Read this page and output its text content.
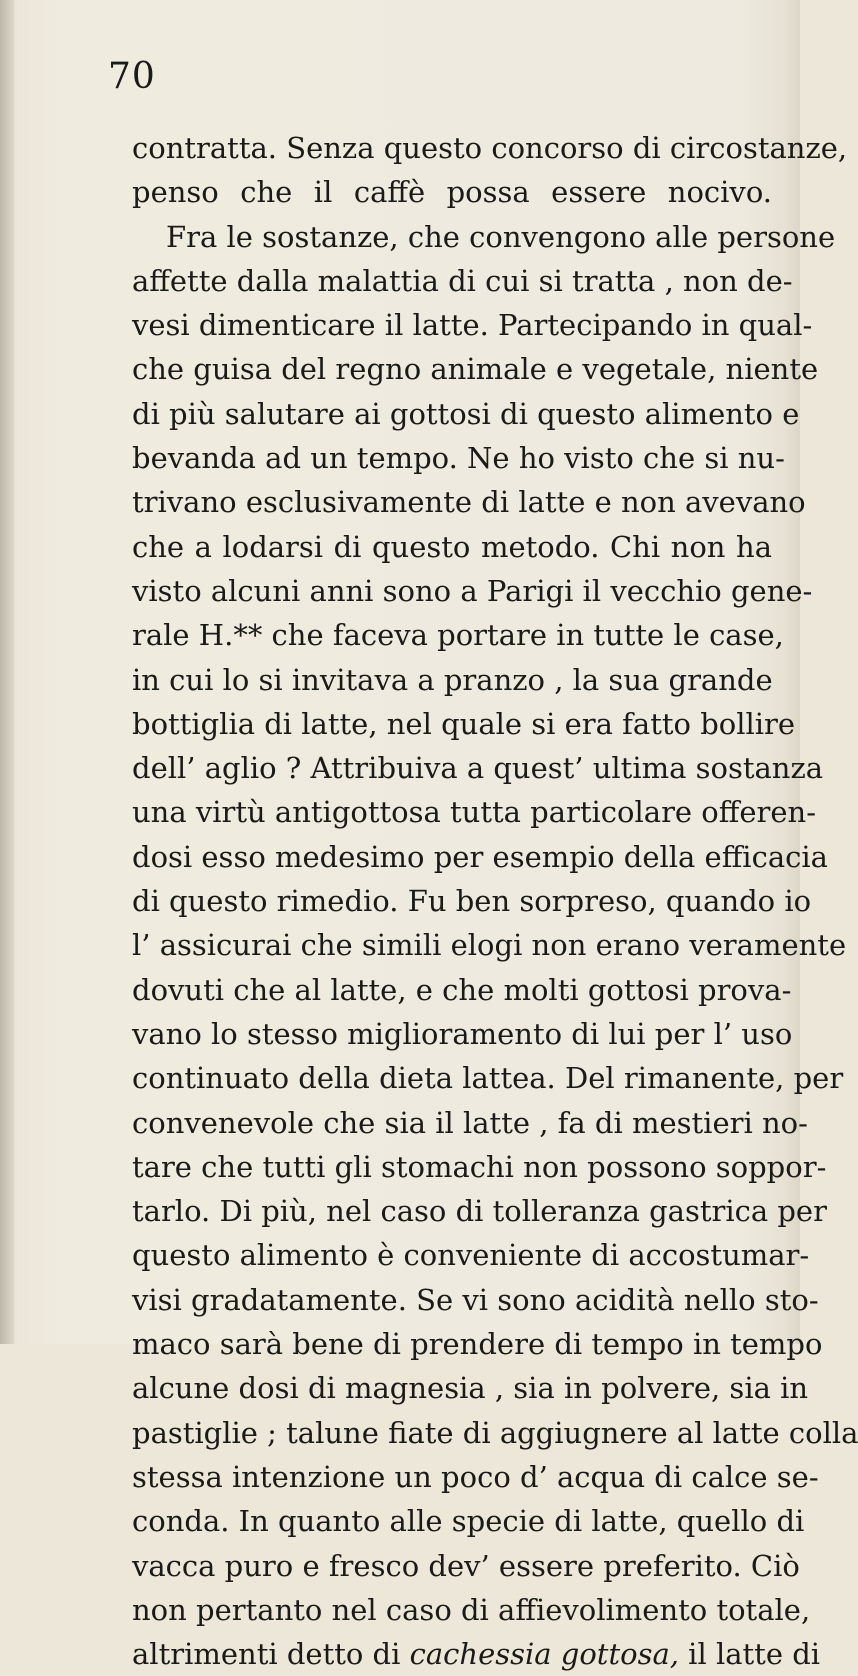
70
contratta. Senza questo concorso di circostanze,
penso che il caffè possa essere nocivo.
Fra le sostanze, che convengono alle persone
affette dalla malattia di cui si tratta , non de-
vesi dimenticare il latte. Partecipando in qual-
che guisa del regno animale e vegetale, niente
di più salutare ai gottosi di questo alimento e
bevanda ad un tempo. Ne ho visto che si nu-
trivano esclusivamente di latte e non avevano
che a lodarsi di questo metodo. Chi non ha
visto alcuni anni sono a Parigi il vecchio gene-
rale H.** che faceva portare in tutte le case,
in cui lo si invitava a pranzo , la sua grande
bottiglia di latte, nel quale si era fatto bollire
dell’ aglio ? Attribuiva a quest’ ultima sostanza
una virtù antigottosa tutta particolare offeren-
dosi esso medesimo per esempio della efficacia
di questo rimedio. Fu ben sorpreso, quando io
l’ assicurai che simili elogi non erano veramente
dovuti che al latte, e che molti gottosi prova-
vano lo stesso miglioramento di lui per l’ uso
continuato della dieta lattea. Del rimanente, per
convenevole che sia il latte , fa di mestieri no-
tare che tutti gli stomachi non possono soppor-
tarlo. Di più, nel caso di tolleranza gastrica per
questo alimento è conveniente di accostumar-
visi gradatamente. Se vi sono acidità nello sto-
maco sarà bene di prendere di tempo in tempo
alcune dosi di magnesia , sia in polvere, sia in
pastiglie ; talune fiate di aggiugnere al latte colla
stessa intenzione un poco d’ acqua di calce se-
conda. In quanto alle specie di latte, quello di
vacca puro e fresco dev’ essere preferito. Ciò
non pertanto nel caso di affievolimento totale,
altrimenti detto di cachessia gottosa, il latte di
